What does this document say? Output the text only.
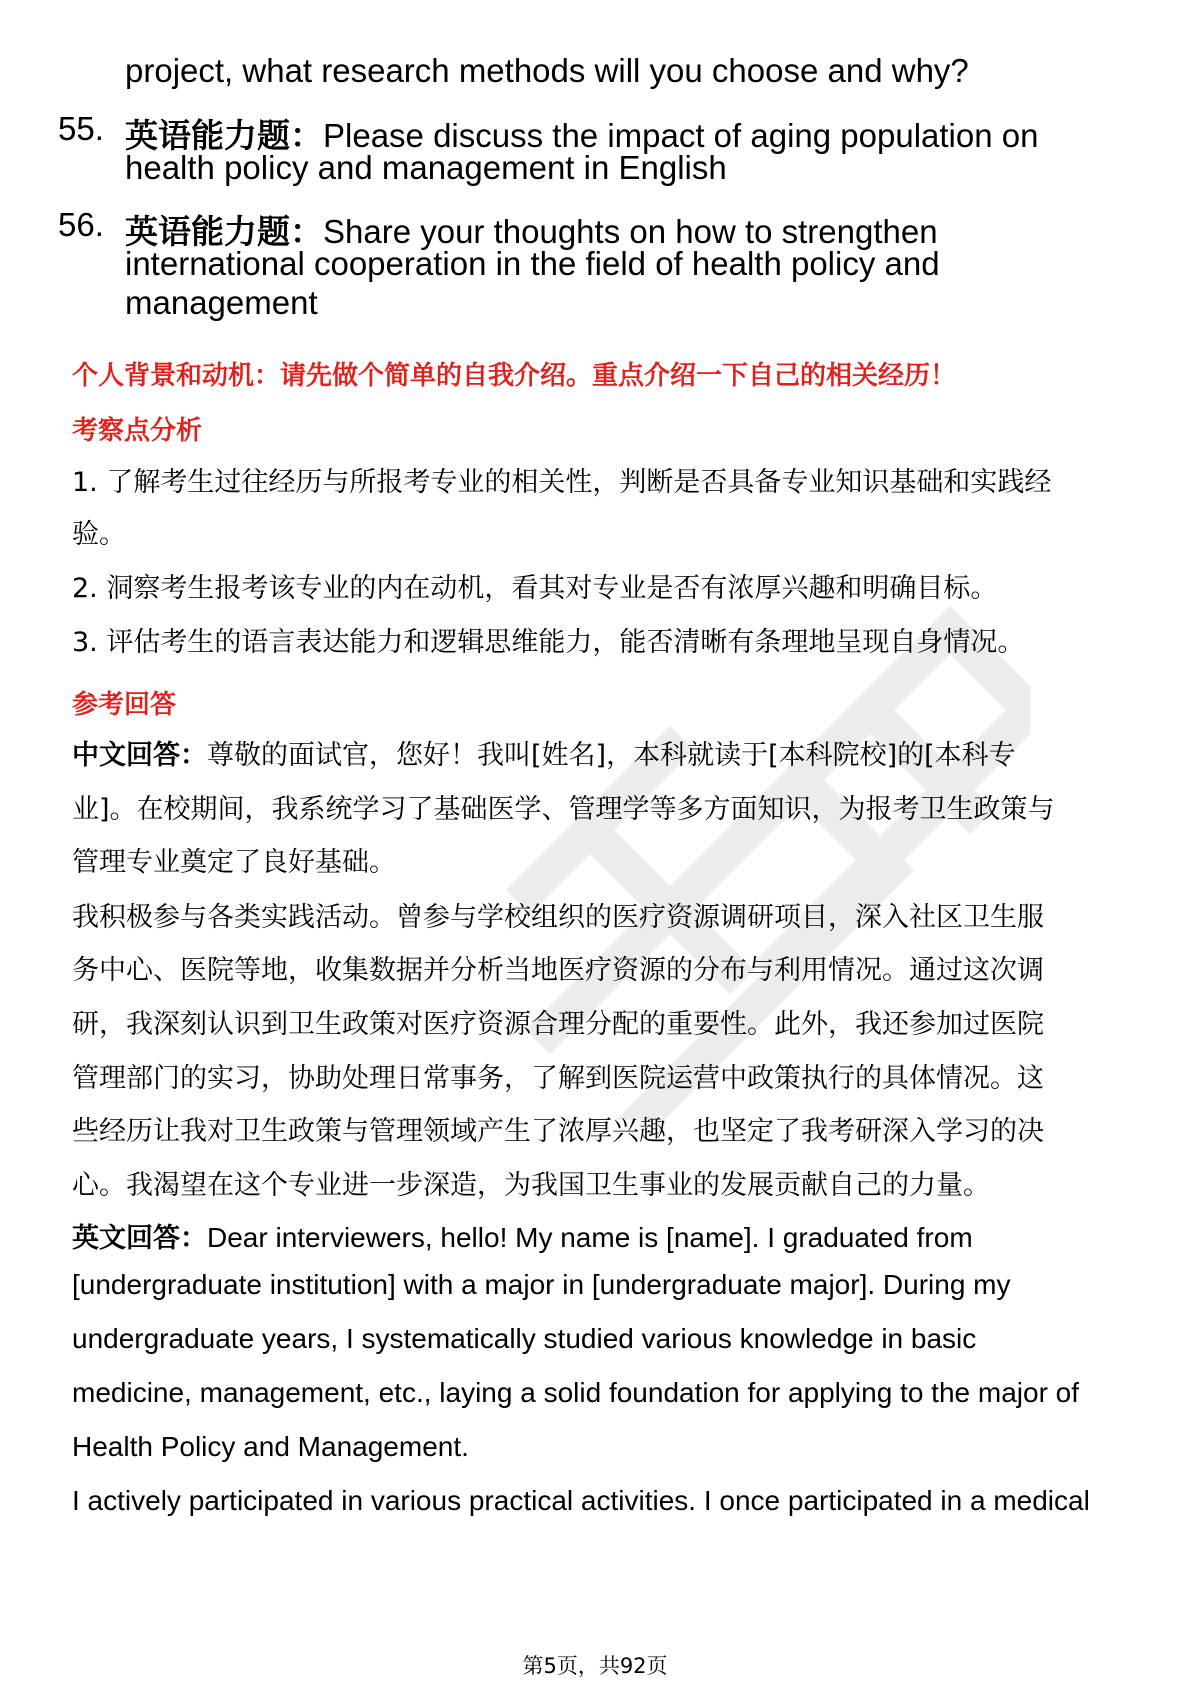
project, what research methods will you choose and why?
55. 英语能力题：Please discuss the impact of aging population on
health policy and management in English
56. 英语能力题：Share your thoughts on how to strengthen
international cooperation in the field of health policy and
management
个人背景和动机：请先做个简单的自我介绍。重点介绍一下自己的相关经历！
考察点分析
1. 了解考生过往经历与所报考专业的相关性，判断是否具备专业知识基础和实践经
验。
2. 洞察考生报考该专业的内在动机，看其对专业是否有浓厚兴趣和明确目标。
3. 评估考生的语言表达能力和逻辑思维能力，能否清晰有条理地呈现自身情况。
参考回答
中文回答：尊敬的面试官，您好！我叫[姓名]，本科就读于[本科院校]的[本科专
业]。在校期间，我系统学习了基础医学、管理学等多方面知识，为报考卫生政策与
管理专业奠定了良好基础。
我积极参与各类实践活动。曾参与学校组织的医疗资源调研项目，深入社区卫生服
务中心、医院等地，收集数据并分析当地医疗资源的分布与利用情况。通过这次调
研，我深刻认识到卫生政策对医疗资源合理分配的重要性。此外，我还参加过医院
管理部门的实习，协助处理日常事务，了解到医院运营中政策执行的具体情况。这
些经历让我对卫生政策与管理领域产生了浓厚兴趣，也坚定了我考研深入学习的决
心。我渴望在这个专业进一步深造，为我国卫生事业的发展贡献自己的力量。
英文回答：Dear interviewers, hello! My name is [name]. I graduated from
[undergraduate institution] with a major in [undergraduate major]. During my
undergraduate years, I systematically studied various knowledge in basic
medicine, management, etc., laying a solid foundation for applying to the major of
Health Policy and Management.
I actively participated in various practical activities. I once participated in a medical
第5页，共92页
